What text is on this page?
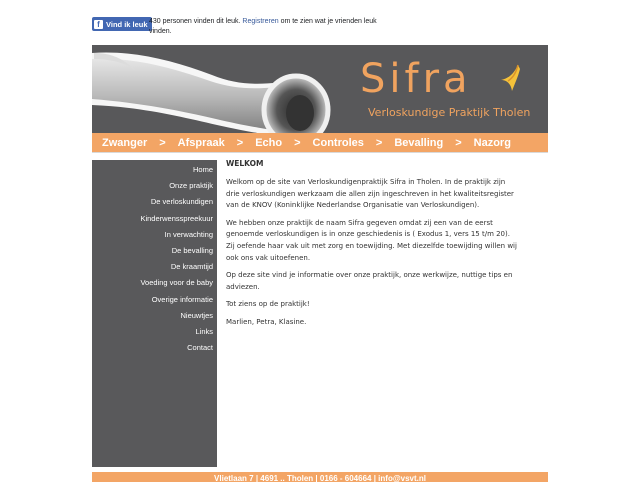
f Vind ik leuk 430 personen vinden dit leuk. Registreren om te zien wat je vrienden leuk vinden.
Sifra
Verloskundige Praktijk Tholen
Zwanger > Afspraak > Echo > Controles > Bevalling > Nazorg
Home
Onze praktijk
De verloskundigen
Kinderwensspreekuur
In verwachting
De bevalling
De kraamtijd
Voeding voor de baby
Overige informatie
Nieuwtjes
Links
Contact
WELKOM

Welkom op de site van Verloskundigenpraktijk Sifra in Tholen. In de praktijk zijn drie verloskundigen werkzaam die allen zijn ingeschreven in het kwaliteitsregister van de KNOV (Koninklijke Nederlandse Organisatie van Verloskundigen).

We hebben onze praktijk de naam Sifra gegeven omdat zij een van de eerst genoemde verloskundigen is in onze geschiedenis is ( Exodus 1, vers 15 t/m 20). Zij oefende haar vak uit met zorg en toewijding. Met diezelfde toewijding willen wij ook ons vak uitoefenen.

Op deze site vind je informatie over onze praktijk, onze werkwijze, nuttige tips en adviezen.

Tot ziens op de praktijk!

Marlien, Petra, Klasine.

Vlietlaan 7 | 4691 .. Tholen | 0166 - 604664 | info@vsvt.nl
